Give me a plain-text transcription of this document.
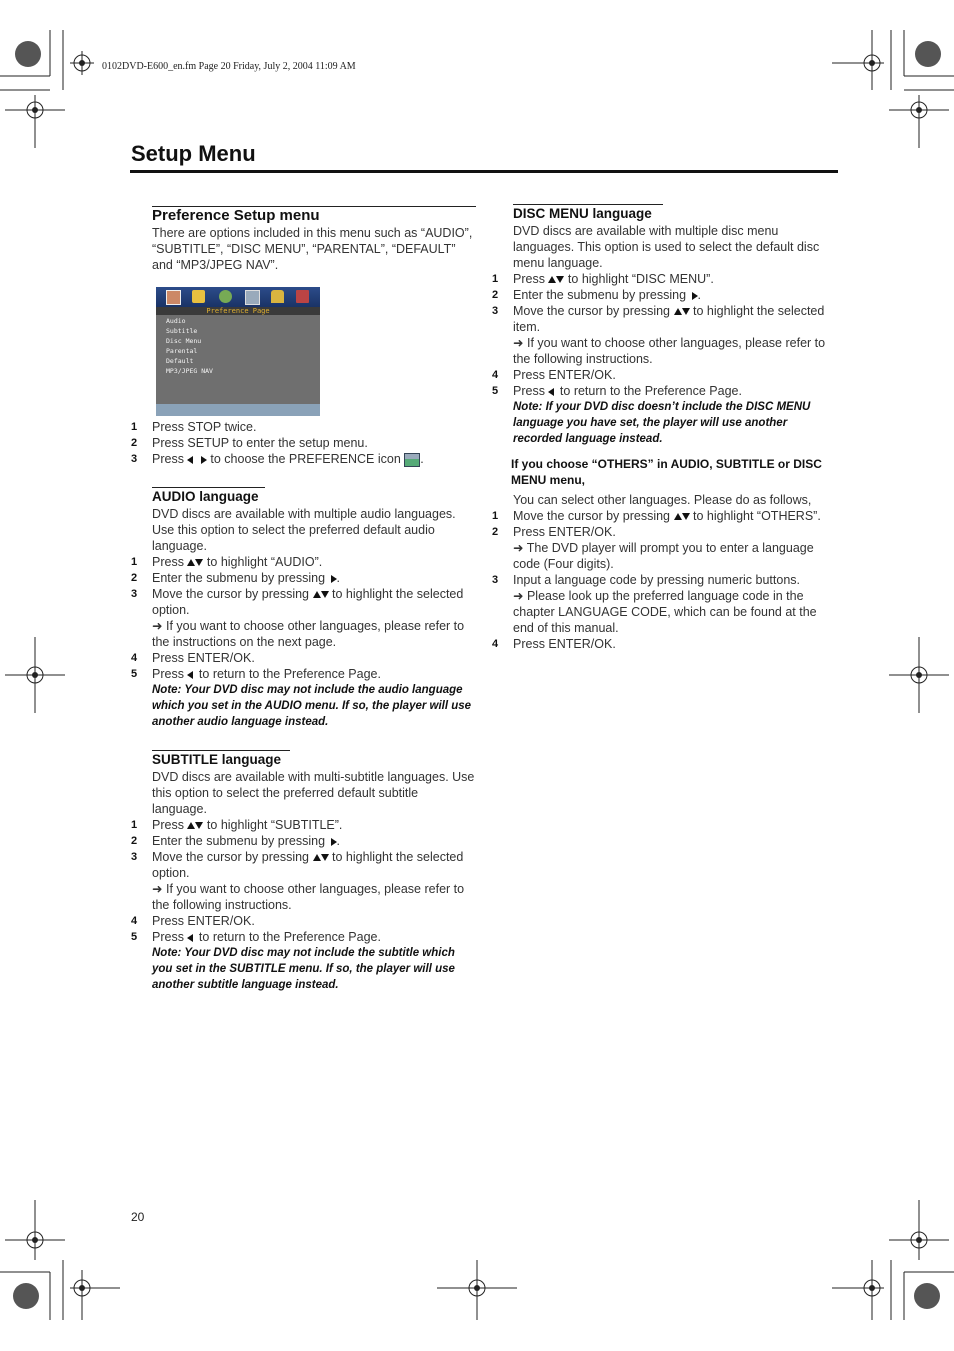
0102DVD-E600_en.fm Page 20 Friday, July 2, 2004 11:09 AM
Setup Menu
Preference Setup menu
There are options included in this menu such as “AUDIO”, “SUBTITLE”, “DISC MENU”, “PARENTAL”, “DEFAULT” and “MP3/JPEG NAV”.
1	Press STOP twice.
2	Press SETUP to enter the setup menu.
3	Press to choose the PREFERENCE icon .
AUDIO language
DVD discs are available with multiple audio languages. Use this option to select the preferred default audio language.
1	Press to highlight “AUDIO”.
2	Enter the submenu by pressing .
3	Move the cursor by pressing to highlight the selected option.
➜ If you want to choose other languages, please refer to the instructions on the next page.
4	Press ENTER/OK.
5	Press to return to the Preference Page.
Note: Your DVD disc may not include the audio language which you set in the AUDIO menu. If so, the player will use another audio language instead.
SUBTITLE language
DVD discs are available with multi-subtitle languages. Use this option to select the preferred default subtitle language.
1	Press to highlight “SUBTITLE”.
2	Enter the submenu by pressing .
3	Move the cursor by pressing to highlight the selected option.
➜ If you want to choose other languages, please refer to the following instructions.
4	Press ENTER/OK.
5	Press to return to the Preference Page.
Note: Your DVD disc may not include the subtitle which you set in the SUBTITLE menu. If so, the player will use another subtitle language instead.
Preference Page
Audio
Subtitle
Disc Menu
Parental
Default
MP3/JPEG NAV
DISC MENU language
DVD discs are available with multiple disc menu languages. This option is used to select the default disc menu language.
1	Press to highlight “DISC MENU”.
2	Enter the submenu by pressing .
3	Move the cursor by pressing to highlight the selected item.
➜ If you want to choose other languages, please refer to the following instructions.
4	Press ENTER/OK.
5	Press to return to the Preference Page.
Note: If your DVD disc doesn’t include the DISC MENU language you have set, the player will use another recorded language instead.
If you choose “OTHERS” in AUDIO, SUBTITLE or DISC MENU menu,
You can select other languages. Please do as follows,
1	Move the cursor by pressing to highlight “OTHERS”.
2	Press ENTER/OK.
➜ The DVD player will prompt you to enter a language code (Four digits).
3	Input a language code by pressing numeric buttons.
➜ Please look up the preferred language code in the chapter LANGUAGE CODE, which can be found at the end of this manual.
4	Press ENTER/OK.
20
